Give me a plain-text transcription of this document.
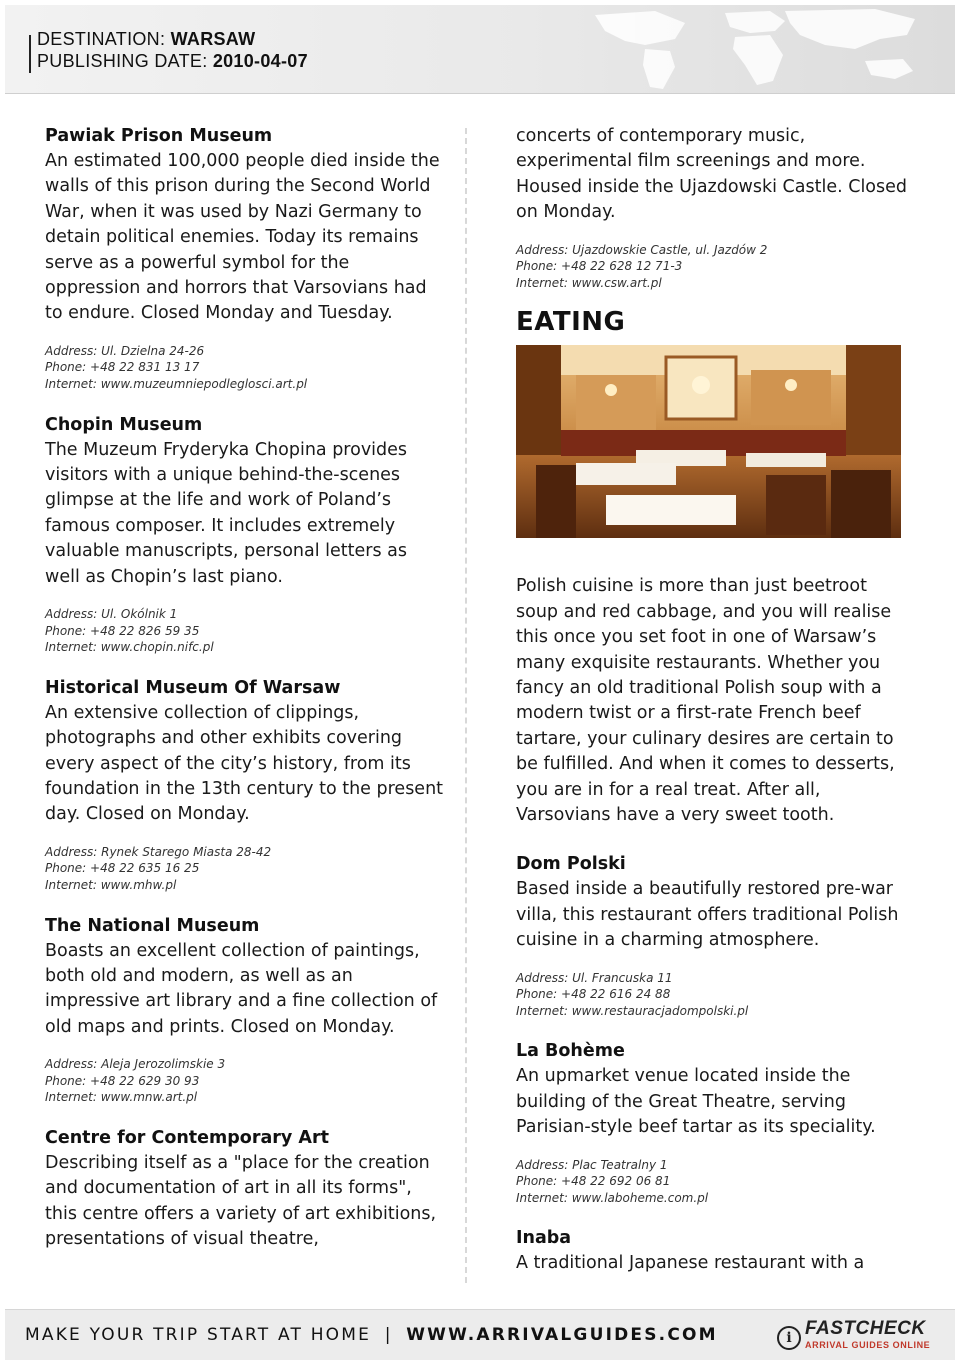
DESTINATION: WARSAW
PUBLISHING DATE: 2010-04-07
Pawiak Prison Museum

An estimated 100,000 people died inside the walls of this prison during the Second World War, when it was used by Nazi Germany to detain political enemies. Today its remains serve as a powerful symbol for the oppression and horrors that Varsovians had to endure. Closed Monday and Tuesday.

Address: Ul. Dzielna 24-26
Phone: +48 22 831 13 17
Internet: www.muzeumniepodleglosci.art.pl
Chopin Museum

The Muzeum Fryderyka Chopina provides visitors with a unique behind-the-scenes glimpse at the life and work of Poland’s famous composer. It includes extremely valuable manuscripts, personal letters as well as Chopin’s last piano.

Address: Ul. Okólnik 1
Phone: +48 22 826 59 35
Internet: www.chopin.nifc.pl
Historical Museum Of Warsaw

An extensive collection of clippings, photographs and other exhibits covering every aspect of the city’s history, from its foundation in the 13th century to the present day. Closed on Monday.

Address: Rynek Starego Miasta 28-42
Phone: +48 22 635 16 25
Internet: www.mhw.pl
The National Museum

Boasts an excellent collection of paintings, both old and modern, as well as an impressive art library and a fine collection of old maps and prints. Closed on Monday.

Address: Aleja Jerozolimskie 3
Phone: +48 22 629 30 93
Internet: www.mnw.art.pl
Centre for Contemporary Art

Describing itself as a "place for the creation and documentation of art in all its forms", this centre offers a variety of art exhibitions, presentations of visual theatre,

concerts of contemporary music, experimental film screenings and more. Housed inside the Ujazdowski Castle. Closed on Monday.

Address: Ujazdowskie Castle, ul. Jazdów 2
Phone: +48 22 628 12 71-3
Internet: www.csw.art.pl
EATING

Polish cuisine is more than just beetroot soup and red cabbage, and you will realise this once you set foot in one of Warsaw’s many exquisite restaurants. Whether you fancy an old traditional Polish soup with a modern twist or a first-rate French beef tartare, your culinary desires are certain to be fulfilled. And when it comes to desserts, you are in for a real treat. After all, Varsovians have a very sweet tooth.

Dom Polski

Based inside a beautifully restored pre-war villa, this restaurant offers traditional Polish cuisine in a charming atmosphere.

Address: Ul. Francuska 11
Phone: +48 22 616 24 88
Internet: www.restauracjadompolski.pl
La Bohème

An upmarket venue located inside the building of the Great Theatre, serving Parisian-style beef tartar as its speciality.

Address: Plac Teatralny 1
Phone: +48 22 692 06 81
Internet: www.laboheme.com.pl
Inaba

A traditional Japanese restaurant with a

MAKE YOUR TRIP START AT HOME | WWW.ARRIVALGUIDES.COM	i FASTCHECK
ARRIVAL GUIDES ONLINE
